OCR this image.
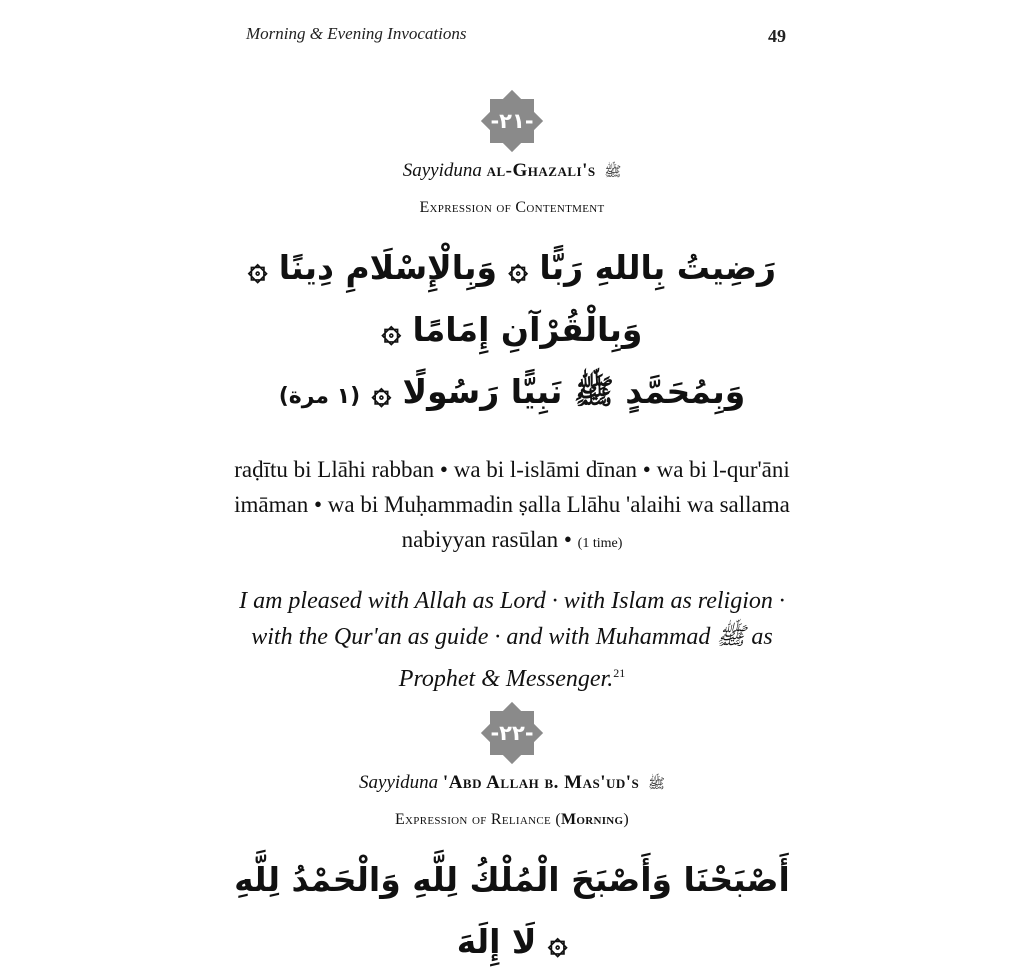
Morning & Evening Invocations	49
-٢١-
Sayyiduna al-Ghazali's ﷺ
Expression of Contentment
رَضِيتُ بِاللهِ رَبًّا ۞ وَبِالْإِسْلَامِ دِينًا ۞ وَبِالْقُرْآنِ إِمَامًا ۞
وَبِمُحَمَّدٍ ﷺ نَبِيًّا رَسُولًا ۞ (١ مرة)
raḍītu bi Llāhi rabban • wa bi l-islāmi dīnan • wa bi l-qur'āni imāman • wa bi Muḥammadin ṣalla Llāhu 'alaihi wa sallama nabiyyan rasūlan • (1 time)
I am pleased with Allah as Lord · with Islam as religion · with the Qur'an as guide · and with Muhammad ﷺ as Prophet & Messenger.$^{21}$
-٢٢-
Sayyiduna 'Abd Allah b. Mas'ud's ﷺ
Expression of Reliance (Morning)
أَصْبَحْنَا وَأَصْبَحَ الْمُلْكُ لِلَّهِ وَالْحَمْدُ لِلَّهِ ۞ لَا إِلَهَ
